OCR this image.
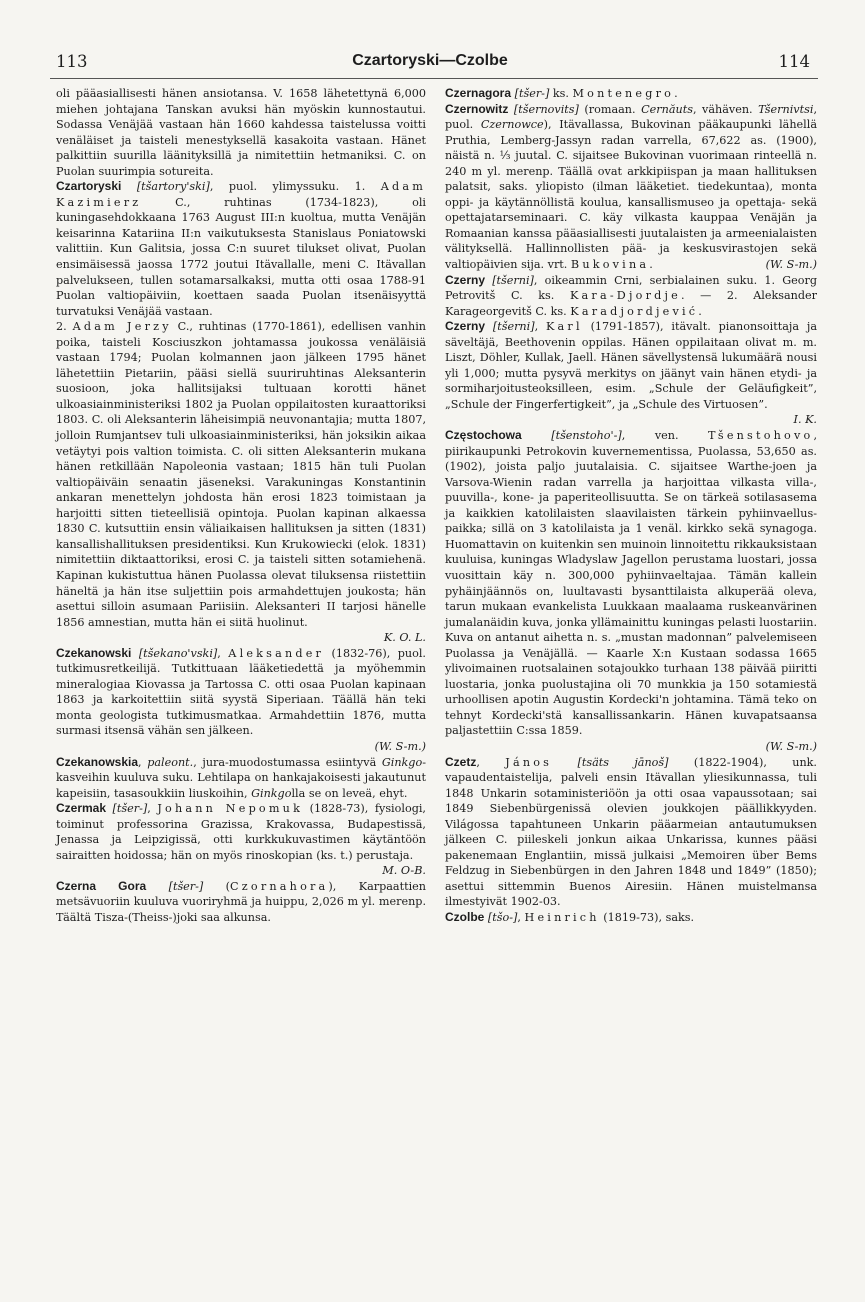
113	Czartoryski—Czolbe	114

oli pääasiallisesti hänen ansiotansa. V. 1658 lähetettynä 6,000 miehen johtajana Tanskan avuksi hän myöskin kunnostautui. Sodassa Venäjää vastaan hän 1660 kahdessa taistelussa voitti venäläiset ja taisteli menestyksellä kasakoita vastaan. Hänet palkittiin suurilla läänityksillä ja nimitettiin hetmaniksi. C. on Puolan suurimpia sotureita.

Czartoryski [tšartory'ski], puol. ylimyssuku. 1. Adam Kazimierz C., ruhtinas (1734-1823), oli kuningasehdokkaana 1763 August III:n kuoltua, mutta Venäjän keisarinna Katariina II:n vaikutuksesta Stanislaus Poniatowski valittiin. Kun Galitsia, jossa C:n suuret tilukset olivat, Puolan ensimäisessä jaossa 1772 joutui Itävallalle, meni C. Itävallan palvelukseen, tullen sotamarsalkaksi, mutta otti osaa 1788-91 Puolan valtiopäiviin, koettaen saada Puolan itsenäisyyttä turvatuksi Venäjää vastaan.

2. Adam Jerzy C., ruhtinas (1770-1861), edellisen vanhin poika, taisteli Kosciuszkon johtamassa joukossa venäläisiä vastaan 1794; Puolan kolmannen jaon jälkeen 1795 hänet lähetettiin Pietariin, pääsi siellä suuriruhtinas Aleksanterin suosioon, joka hallitsijaksi tultuaan korotti hänet ulkoasiainministeriksi 1802 ja Puolan oppilaitosten kuraattoriksi 1803. C. oli Aleksanterin läheisimpiä neuvonantajia; mutta 1807, jolloin Rumjantsev tuli ulkoasiainministeriksi, hän joksikin aikaa vetäytyi pois valtion toimista. C. oli sitten Aleksanterin mukana hänen retkillään Napoleonia vastaan; 1815 hän tuli Puolan valtiopäiväin senaatin jäseneksi. Varakuningas Konstantinin ankaran menettelyn johdosta hän erosi 1823 toimistaan ja harjoitti sitten tieteellisiä opintoja. Puolan kapinan alkaessa 1830 C. kutsuttiin ensin väliaikaisen hallituksen ja sitten (1831) kansallishallituksen presidentiksi. Kun Krukowiecki (elok. 1831) nimitettiin diktaattoriksi, erosi C. ja taisteli sitten sotamiehenä. Kapinan kukistuttua hänen Puolassa olevat tiluksensa riistettiin häneltä ja hän itse suljettiin pois armahdettujen joukosta; hän asettui silloin asumaan Pariisiin. Aleksanteri II tarjosi hänelle 1856 amnestian, mutta hän ei siitä huolinut.
K. O. L.

Czekanowski [tšekano'vski], Aleksander (1832-76), puol. tutkimusretkeilijä. Tutkittuaan lääketiedettä ja myöhemmin mineralogiaa Kiovassa ja Tartossa C. otti osaa Puolan kapinaan 1863 ja karkoitettiin siitä syystä Siperiaan. Täällä hän teki monta geologista tutkimusmatkaa. Armahdettiin 1876, mutta surmasi itsensä vähän sen jälkeen.
(W. S-m.)

Czekanowskia, paleont., jura-muodostumassa esiintyvä Ginkgo-kasveihin kuuluva suku. Lehtilapa on hankajakoisesti jakautunut kapeisiin, tasasoukkiin liuskoihin, Ginkgolla se on leveä, ehyt.

Czermak [tšer-], Johann Nepomuk (1828-73), fysiologi, toiminut professorina Grazissa, Krakovassa, Budapestissä, Jenassa ja Leipzigissä, otti kurkkukuvastimen käytäntöön sairaitten hoidossa; hän on myös rinoskopian (ks. t.) perustaja.
M. O-B.

Czerna Gora [tšer-] (Czornahora), Karpaattien metsävuoriin kuuluva vuoriryhmä ja huippu, 2,026 m yl. merenp. Täältä Tisza-(Theiss-)joki saa alkunsa.

Czernagora [tšer-] ks. Montenegro.

Czernowitz [tšernovits] (romaan. Cernăuts, vähäven. Tšernivtsi, puol. Czernowce), Itävallassa, Bukovinan pääkaupunki lähellä Pruthia, Lemberg-Jassyn radan varrella, 67,622 as. (1900), näistä n. ⅓ juutal. C. sijaitsee Bukovinan vuorimaan rinteellä n. 240 m yl. merenp. Täällä ovat arkkipiispan ja maan hallituksen palatsit, saks. yliopisto (ilman lääketiet. tiedekuntaa), monta oppi- ja käytännöllistä koulua, kansallismuseo ja opettaja- sekä opettajatarseminaari. C. käy vilkasta kauppaa Venäjän ja Romaanian kanssa pääasiallisesti juutalaisten ja armeenialaisten välityksellä. Hallinnollisten pää- ja keskusvirastojen sekä valtiopäivien sija. vrt. Bukovina.	(W. S-m.)

Czerny [tšerni], oikeammin Crni, serbialainen suku. 1. Georg Petrovitš C. ks. Kara-Djordje. — 2. Aleksander Karageorgevitš C. ks. Karadjordjević.

Czerny [tšerni], Karl (1791-1857), itävalt. pianonsoittaja ja säveltäjä, Beethovenin oppilas. Hänen oppilaitaan olivat m. m. Liszt, Döhler, Kullak, Jaell. Hänen sävellystensä lukumäärä nousi yli 1,000; mutta pysyvä merkitys on jäänyt vain hänen etydi- ja sormiharjoitusteoksilleen, esim. „Schule der Geläufigkeit”, „Schule der Fingerfertigkeit”, ja „Schule des Virtuosen”.
I. K.

Częstochowa	[tšenstoho'-], ven. Tšenstohovo, piirikaupunki Petrokovin kuvernementissa, Puolassa, 53,650 as. (1902), joista paljo juutalaisia. C. sijaitsee Warthe-joen ja Varsova-Wienin radan varrella ja harjoittaa vilkasta villa-, puuvilla-, kone- ja paperiteollisuutta. Se on tärkeä sotilasasema ja kaikkien katolilaisten slaavilaisten tärkein pyhiinvaelluspaikka; sillä on 3 katolilaista ja 1 venäl. kirkko sekä synagoga. Huomattavin on kuitenkin sen muinoin linnoitettu rikkauksistaan kuuluisa, kuningas Wladyslaw Jagellon perustama luostari, jossa vuosittain käy n. 300,000 pyhiinvaeltajaa. Tämän kallein pyhäinjäännös on, luultavasti bysanttilaista alkuperää oleva, tarun mukaan evankelista Luukkaan maalaama ruskeanvärinen jumalanäidin kuva, jonka yllämainittu kuningas pelasti luostariin. Kuva on antanut aihetta n. s. „mustan madonnan” palvelemiseen Puolassa ja Venäjällä. — Kaarle X:n Kustaan sodassa 1665 ylivoimainen ruotsalainen sotajoukko turhaan 138 päivää piiritti luostaria, jonka puolustajina oli 70 munkkia ja 150 sotamiestä urhoollisen apotin Augustin Kordecki'n johtamina. Tämä teko on tehnyt Kordecki'stä kansallissankarin. Hänen kuvapatsaansa paljastettiin C:ssa 1859.
(W. S-m.)

Czetz, János [tsäts jānoš] (1822-1904), unk. vapaudentaistelija, palveli ensin Itävallan yliesikunnassa, tuli 1848 Unkarin sotaministeriöön ja otti osaa vapaussotaan; sai 1849 Siebenbürgenissä olevien joukkojen päällikkyyden. Világossa tapahtuneen Unkarin pääarmeian antautumuksen jälkeen C. piileskeli jonkun aikaa Unkarissa, kunnes pääsi pakenemaan Englantiin, missä julkaisi „Memoiren über Bems Feldzug in Siebenbürgen in den Jahren 1848 und 1849” (1850); asettui sittemmin Buenos Airesiin. Hänen muistelmansa ilmestyivät 1902-03.

Czolbe [tšo-], Heinrich (1819-73), saks.
